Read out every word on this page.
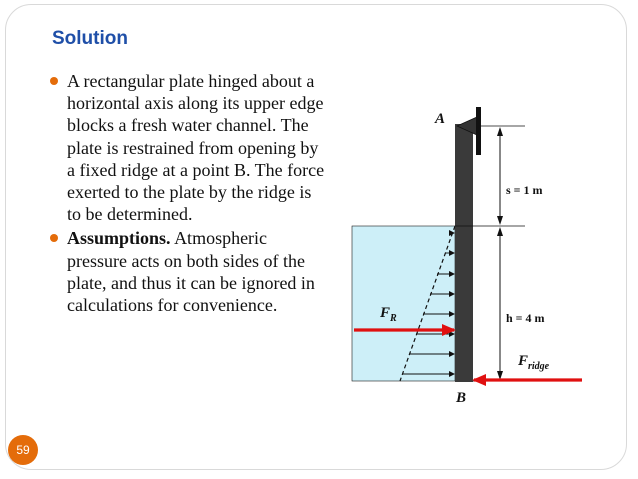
Solution
A rectangular plate hinged about a horizontal axis along its upper edge blocks a fresh water channel. The plate is restrained from opening by a fixed ridge at a point B. The force exerted to the plate by the ridge is to be determined.
Assumptions. Atmospheric pressure acts on both sides of the plate, and thus it can be ignored in calculations for convenience.
A
B
s = 1 m
h = 4 m
$F_R$
$F_{ridge}$
59
